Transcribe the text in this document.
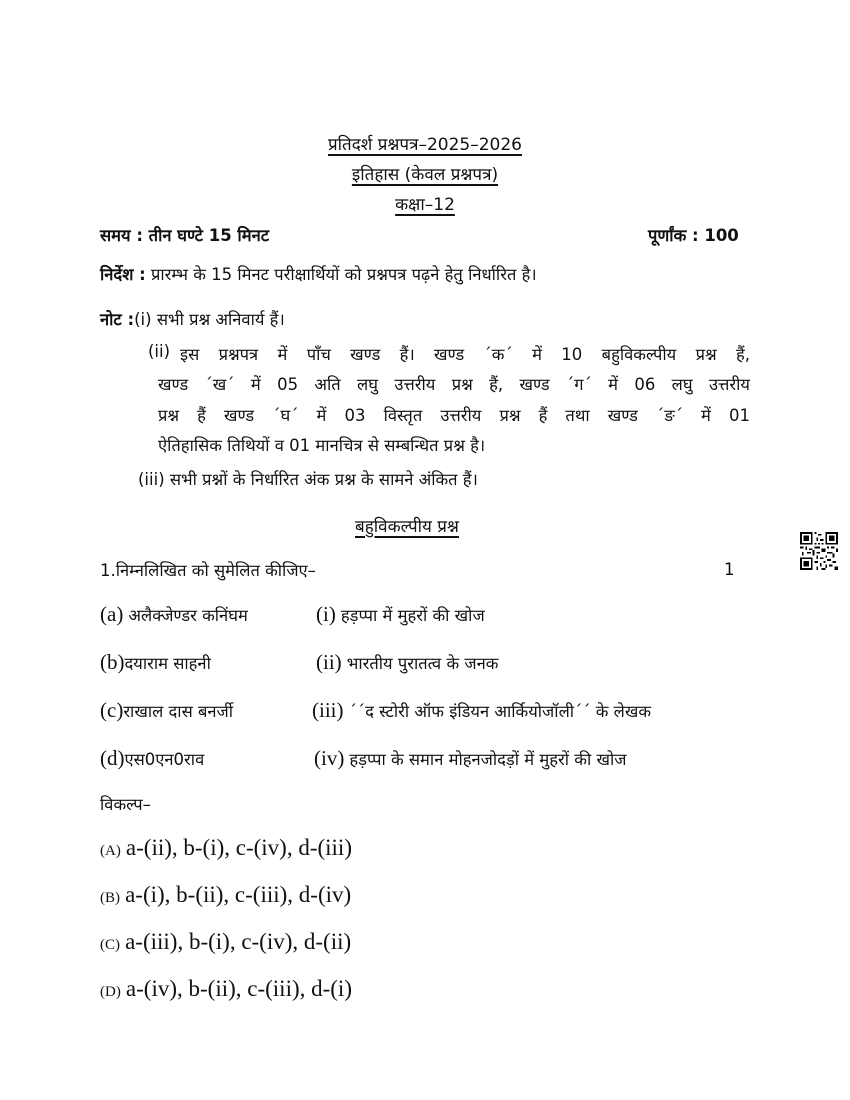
प्रतिदर्श प्रश्नपत्र–2025–2026
इतिहास (केवल प्रश्नपत्र)
कक्षा–12
समय : तीन घण्टे 15 मिनट	पूर्णांक : 100
निर्देश : प्रारम्भ के 15 मिनट परीक्षार्थियों को प्रश्नपत्र पढ़ने हेतु निर्धारित है।
नोट :(i) सभी प्रश्न अनिवार्य हैं।
(ii) इस प्रश्नपत्र में पाँच खण्ड हैं। खण्ड ´क´ में 10 बहुविकल्पीय प्रश्न हैं,
खण्ड ´ख´ में 05 अति लघु उत्तरीय प्रश्न हैं, खण्ड ´ग´ में 06 लघु उत्तरीय
प्रश्न हैं खण्ड ´घ´ में 03 विस्तृत उत्तरीय प्रश्न हैं तथा खण्ड ´ङ´ में 01
ऐतिहासिक तिथियों व 01 मानचित्र से सम्बन्धित प्रश्न है।
(iii) सभी प्रश्नों के निर्धारित अंक प्रश्न के सामने अंकित हैं।
बहुविकल्पीय प्रश्न
1.निम्नलिखित को सुमेलित कीजिए–	1
(a) अलैक्जेण्डर कनिंघम	(i) हड़प्पा में मुहरों की खोज
(b)दयाराम साहनी	(ii) भारतीय पुरातत्व के जनक
(c)राखाल दास बनर्जी	(iii) ´´द स्टोरी ऑफ इंडियन आर्कियोजॉली´´ के लेखक
(d)एस0एन0राव	(iv) हड़प्पा के समान मोहनजोदड़ों में मुहरों की खोज
विकल्प–
(A) a-(ii), b-(i), c-(iv), d-(iii)
(B) a-(i), b-(ii), c-(iii), d-(iv)
(C) a-(iii), b-(i), c-(iv), d-(ii)
(D) a-(iv), b-(ii), c-(iii), d-(i)
